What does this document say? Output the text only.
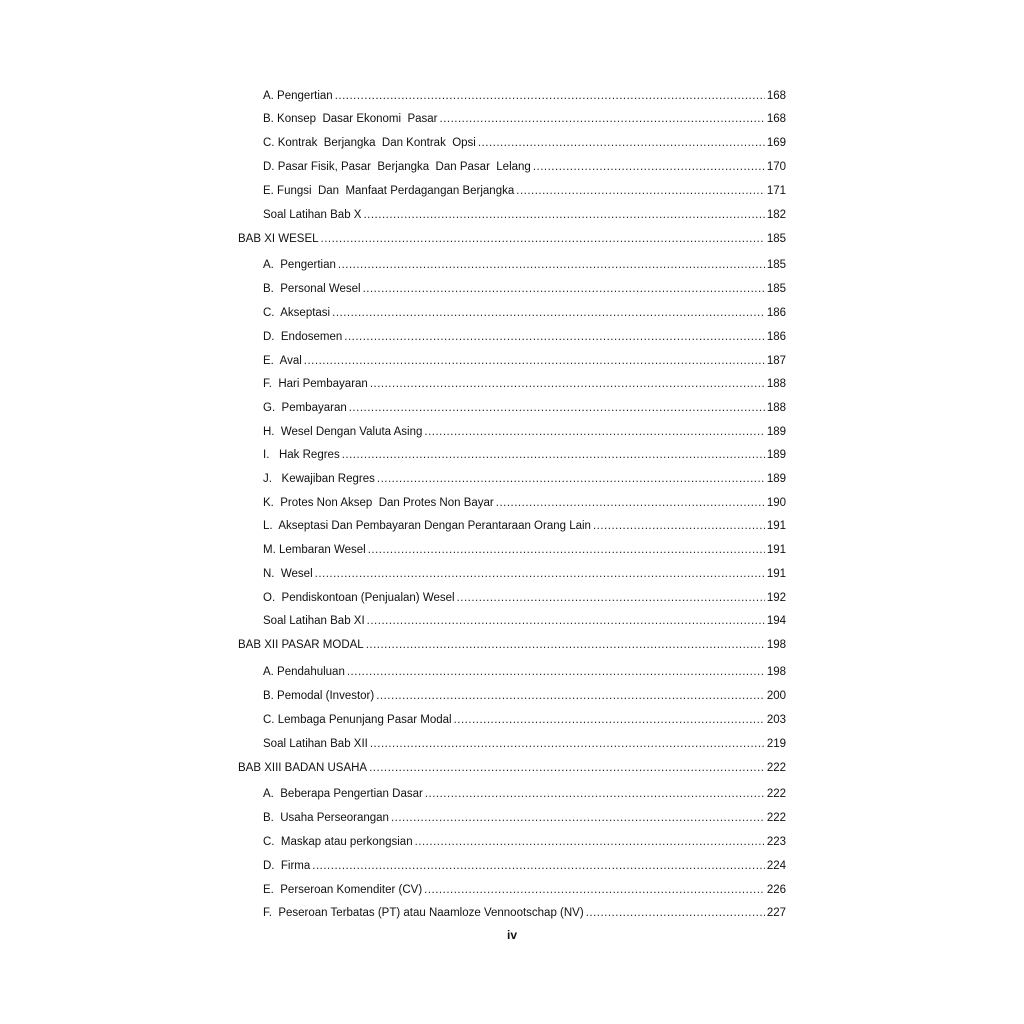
A. Pengertian .....	168
B. Konsep  Dasar Ekonomi  Pasar .....	168
C. Kontrak  Berjangka  Dan Kontrak  Opsi .....	169
D. Pasar Fisik, Pasar  Berjangka  Dan Pasar  Lelang .....	170
E. Fungsi  Dan  Manfaat Perdagangan Berjangka .....	171
Soal Latihan Bab X .....	182
BAB XI WESEL .....	185
A.  Pengertian .....	185
B.  Personal Wesel .....	185
C.  Akseptasi .....	186
D.  Endosemen .....	186
E.  Aval .....	187
F.  Hari Pembayaran .....	188
G.  Pembayaran .....	188
H.  Wesel Dengan Valuta Asing .....	189
I.   Hak Regres .....	189
J.   Kewajiban Regres .....	189
K.  Protes Non Aksep  Dan Protes Non Bayar .....	190
L.  Akseptasi Dan Pembayaran Dengan Perantaraan Orang Lain .....	191
M. Lembaran Wesel .....	191
N.  Wesel .....	191
O.  Pendiskontoan (Penjualan) Wesel .....	192
Soal Latihan Bab XI .....	194
BAB XII PASAR MODAL .....	198
A. Pendahuluan .....	198
B. Pemodal (Investor) .....	200
C. Lembaga Penunjang Pasar Modal .....	203
Soal Latihan Bab XII .....	219
BAB XIII BADAN USAHA .....	222
A.  Beberapa Pengertian Dasar .....	222
B.  Usaha Perseorangan .....	222
C.  Maskap atau perkongsian .....	223
D.  Firma .....	224
E.  Perseroan Komenditer (CV) .....	226
F.  Peseroan Terbatas (PT) atau Naamloze Vennootschap (NV) .....	227
iv
